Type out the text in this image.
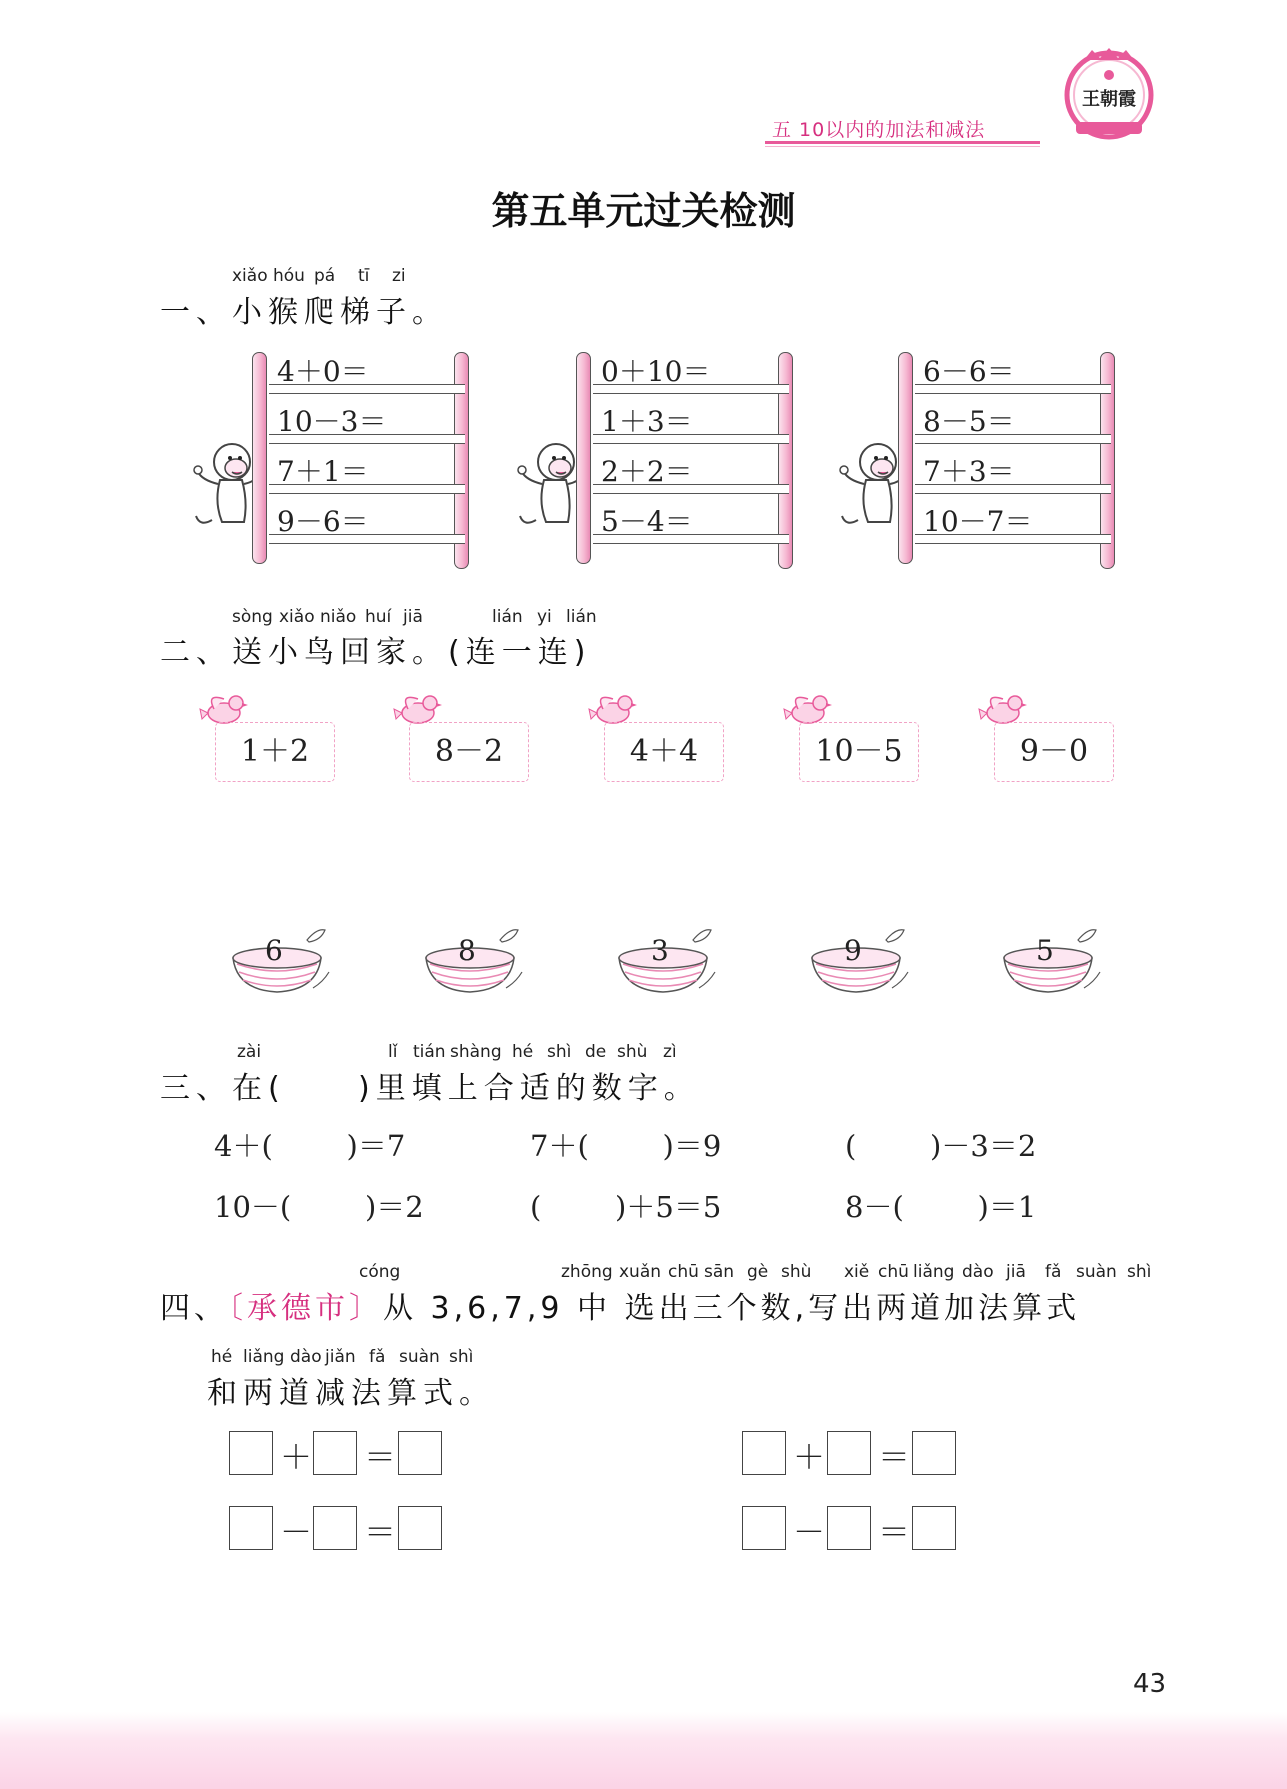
五 10以内的加法和减法
王朝霞
第五单元过关检测
xiǎo hóu pá tī zi
一、小猴爬梯子。
4＋0＝
10－3＝
7＋1＝
9－6＝
0＋10＝
1＋3＝
2＋2＝
5－4＝
6－6＝
8－5＝
7＋3＝
10－7＝
sòng xiǎo niǎo huí jiā	lián yi lián
二、送小鸟回家。(连一连)
1＋2	8－2	4＋4	10－5	9－0
6	8	3	9	5
zài	lǐ tián shàng hé shì de shù zì
三、在( )里填上合适的数字。
4＋(        )＝7	7＋(        )＝9	(        )－3＝2
10－(        )＝2	(        )＋5＝5	8－(        )＝1
cóng	zhōng xuǎn chū sān gè shù xiě chū liǎng dào jiā fǎ suàn shì
四、〔承德市〕从 3,6,7,9 中 选出三个数,写出两道加法算式
hé liǎng dào jiǎn fǎ suàn shì
和两道减法算式。
＋ ＝	＋ ＝
－ ＝	－ ＝
43
